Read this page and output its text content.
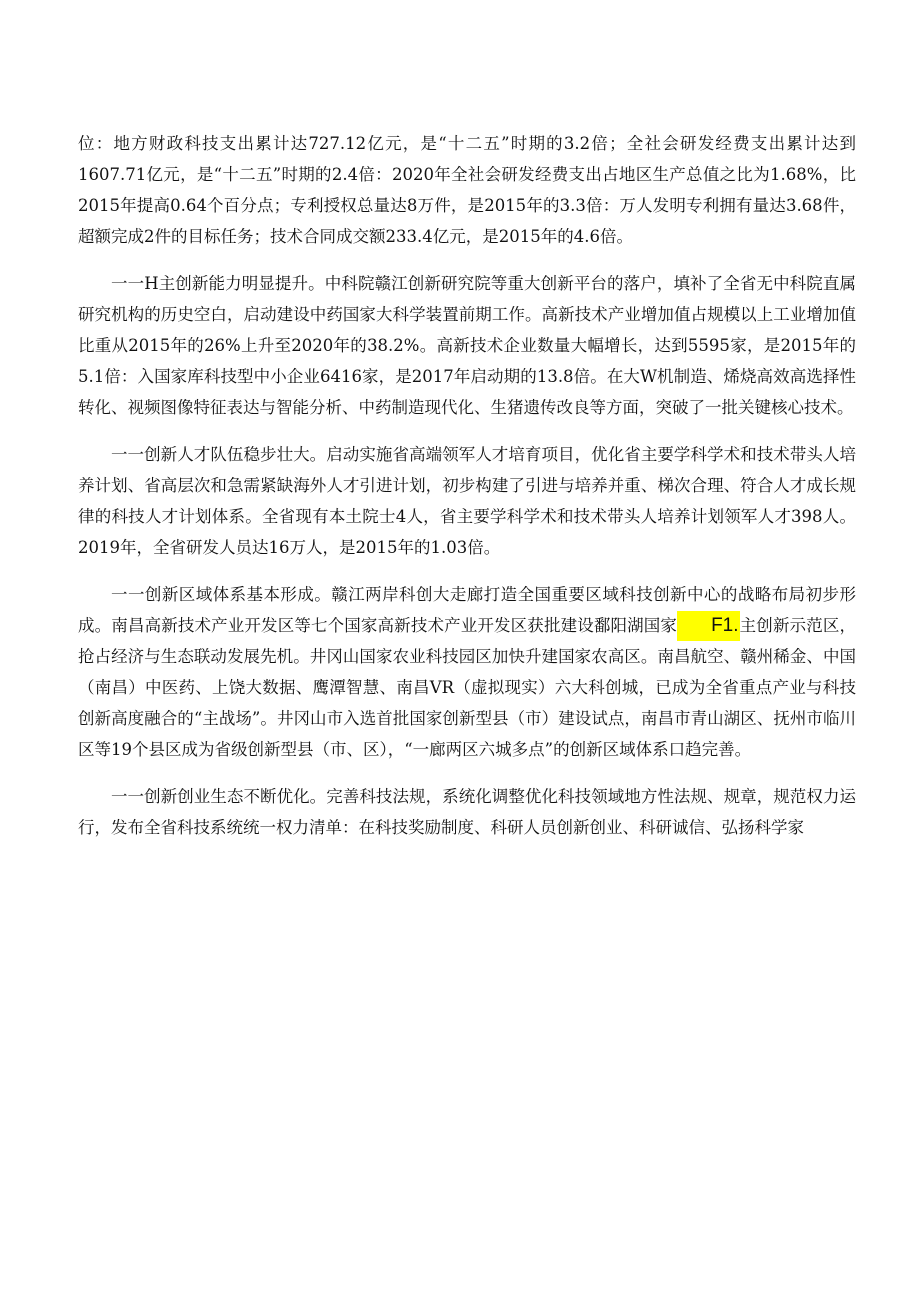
位：地方财政科技支出累计达727.12亿元，是“十二五”时期的3.2倍；全社会研发经费支出累计达到1607.71亿元，是“十二五”时期的2.4倍：2020年全社会研发经费支出占地区生产总值之比为1.68%，比2015年提高0.64个百分点；专利授权总量达8万件，是2015年的3.3倍：万人发明专利拥有量达3.68件，超额完成2件的目标任务；技术合同成交额233.4亿元，是2015年的4.6倍。

一一H主创新能力明显提升。中科院赣江创新研究院等重大创新平台的落户，填补了全省无中科院直属研究机构的历史空白，启动建设中药国家大科学装置前期工作。高新技术产业增加值占规模以上工业增加值比重从2015年的26%上升至2020年的38.2%。高新技术企业数量大幅增长，达到5595家，是2015年的5.1倍：入国家库科技型中小企业6416家，是2017年启动期的13.8倍。在大W机制造、烯烧高效高选择性转化、视频图像特征表达与智能分析、中药制造现代化、生猪遗传改良等方面，突破了一批关键核心技术。

一一创新人才队伍稳步壮大。启动实施省高端领军人才培育项目，优化省主要学科学术和技术带头人培养计划、省高层次和急需紧缺海外人才引进计划，初步构建了引进与培养并重、梯次合理、符合人才成长规律的科技人才计划体系。全省现有本土院士4人，省主要学科学术和技术带头人培养计划领军人才398人。2019年，全省研发人员达16万人，是2015年的1.03倍。

一一创新区域体系基本形成。赣江两岸科创大走廊打造全国重要区域科技创新中心的战略布局初步形成。南昌高新技术产业开发区等七个国家高新技术产业开发区获批建设鄱阳湖国家 F1.主创新示范区，抢占经济与生态联动发展先机。井冈山国家农业科技园区加快升建国家农高区。南昌航空、赣州稀金、中国（南昌）中医药、上饶大数据、鹰潭智慧、南昌VR（虚拟现实）六大科创城，已成为全省重点产业与科技创新高度融合的“主战场”。井冈山市入选首批国家创新型县（市）建设试点，南昌市青山湖区、抚州市临川区等19个县区成为省级创新型县（市、区），“一廊两区六城多点”的创新区域体系口趋完善。

一一创新创业生态不断优化。完善科技法规，系统化调整优化科技领域地方性法规、规章，规范权力运行，发布全省科技系统统一权力清单：在科技奖励制度、科研人员创新创业、科研诚信、弘扬科学家
